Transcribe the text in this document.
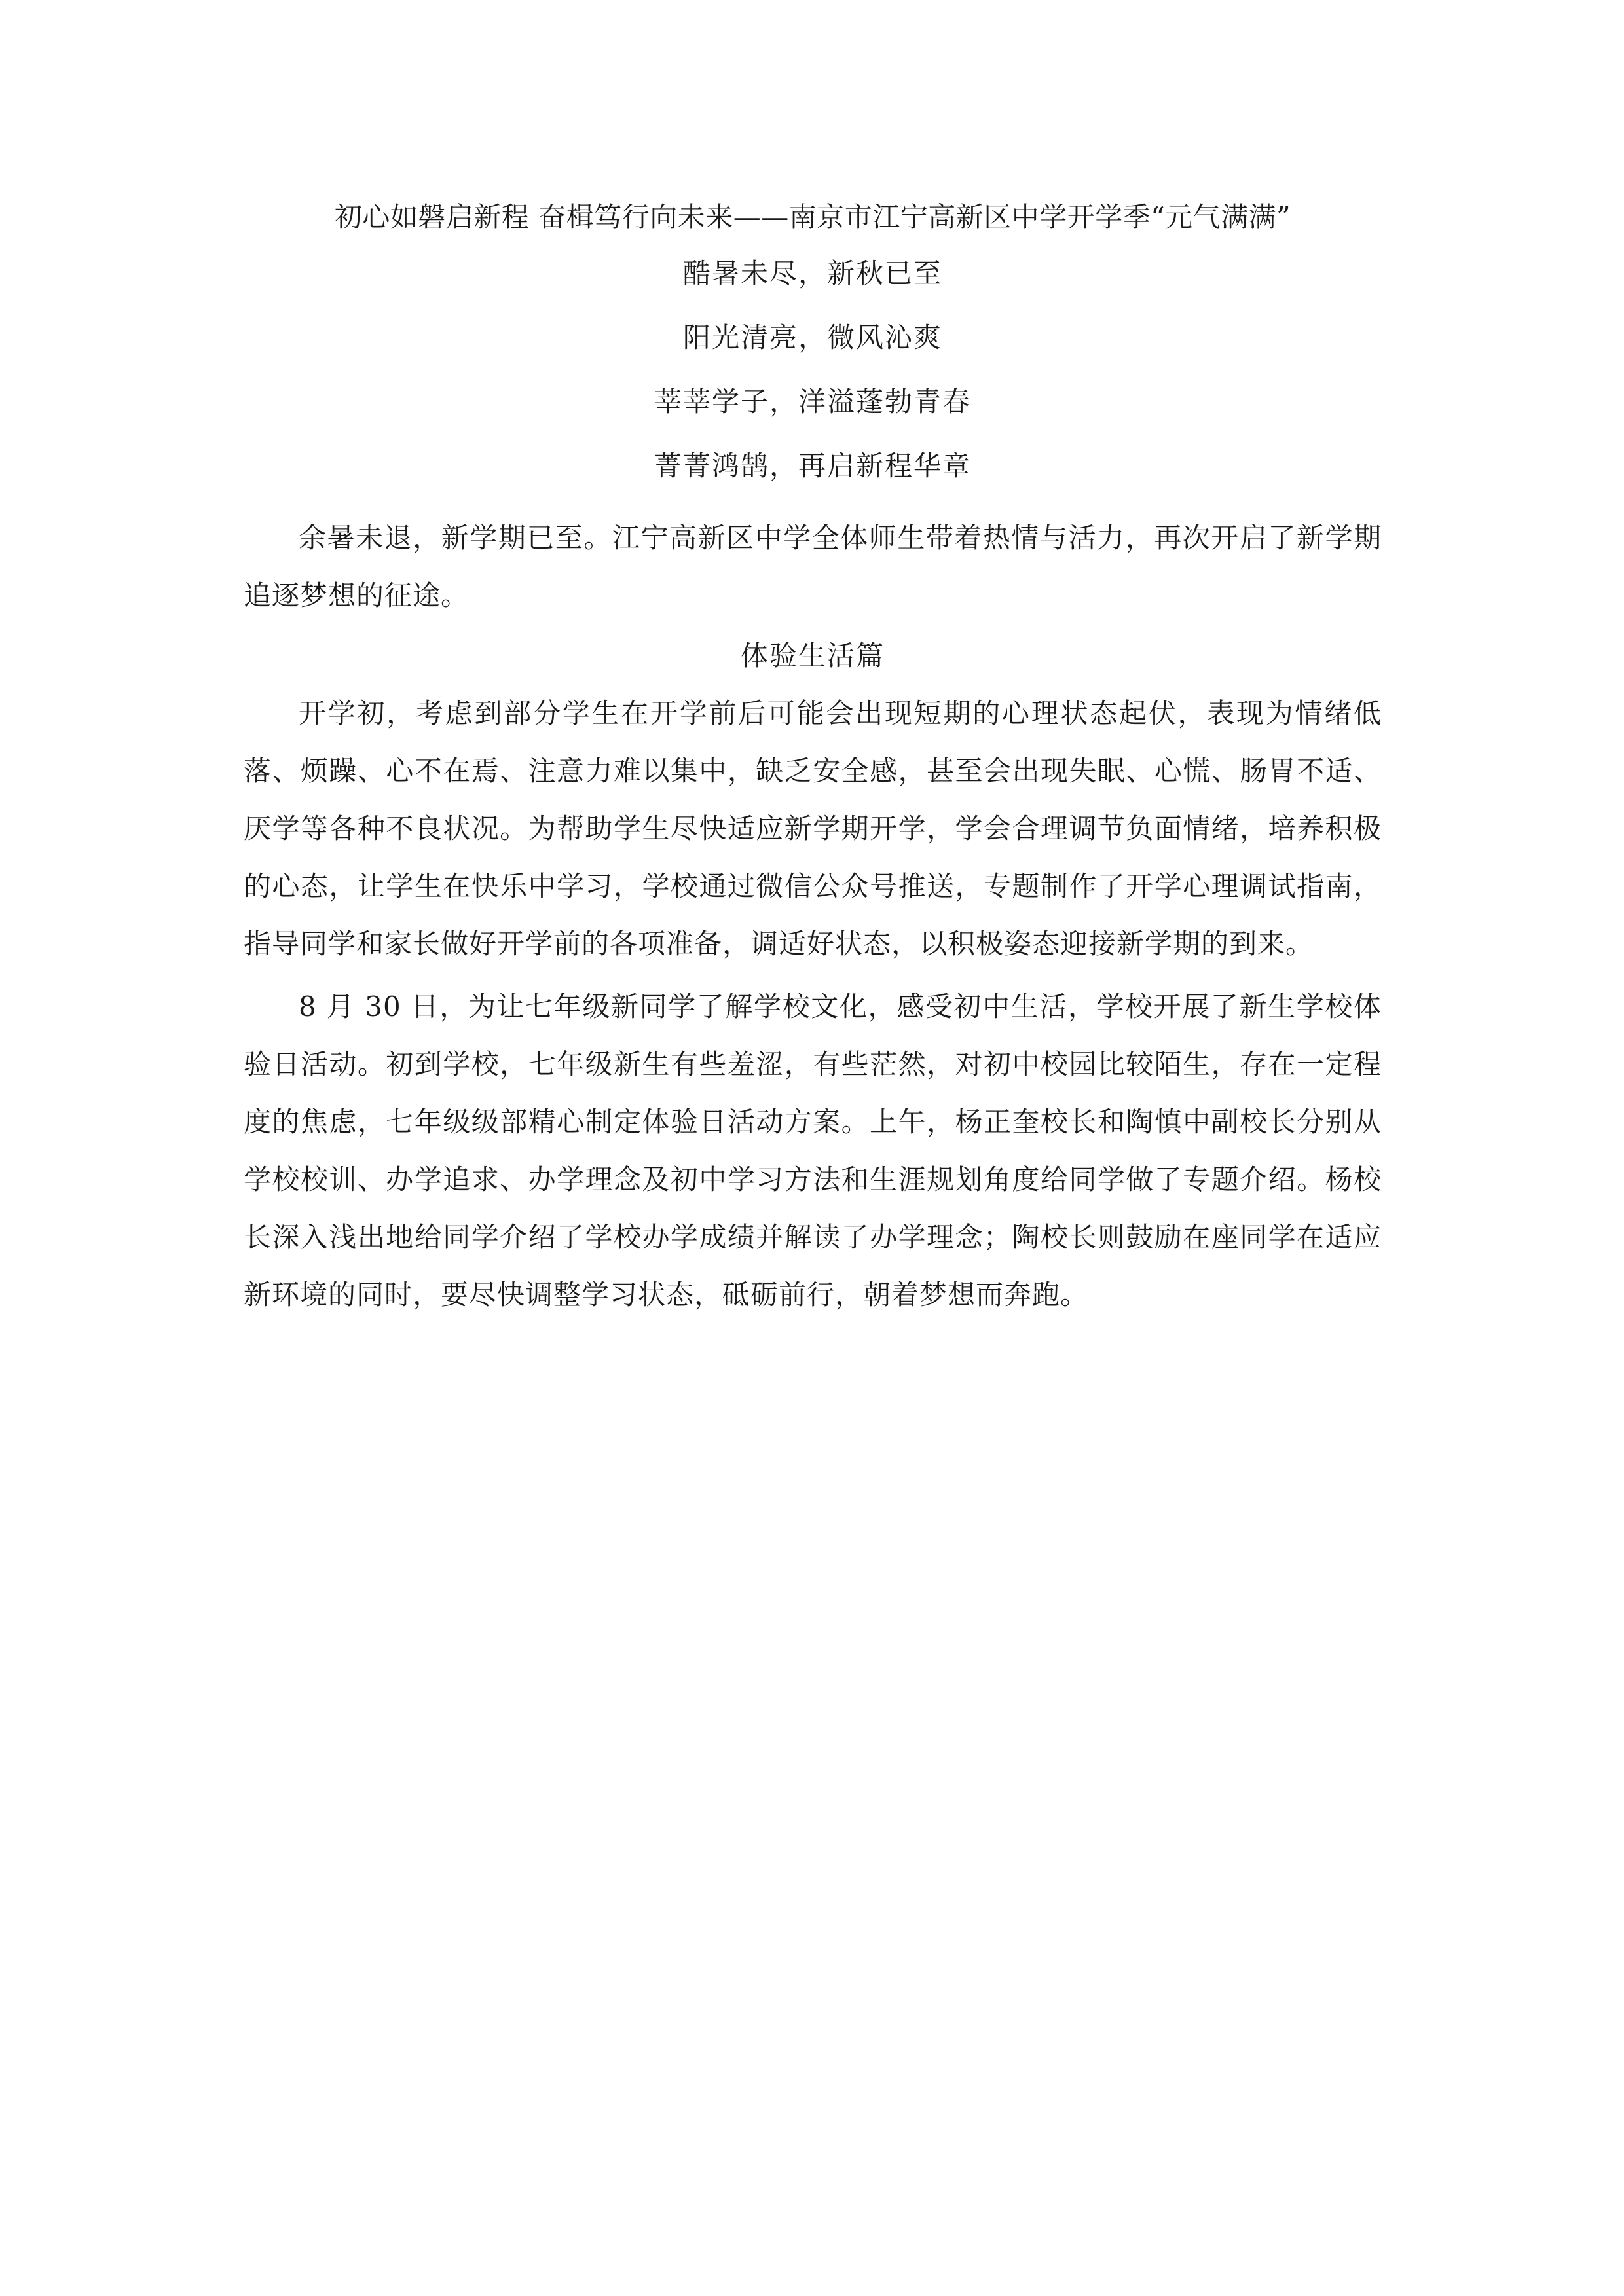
初心如磐启新程 奋楫笃行向未来——南京市江宁高新区中学开学季“元气满满”
酷暑未尽，新秋已至
阳光清亮，微风沁爽
莘莘学子，洋溢蓬勃青春
菁菁鸿鹄，再启新程华章

余暑未退，新学期已至。江宁高新区中学全体师生带着热情与活力，再次开启了新学期追逐梦想的征途。

体验生活篇

开学初，考虑到部分学生在开学前后可能会出现短期的心理状态起伏，表现为情绪低落、烦躁、心不在焉、注意力难以集中，缺乏安全感，甚至会出现失眠、心慌、肠胃不适、厌学等各种不良状况。为帮助学生尽快适应新学期开学，学会合理调节负面情绪，培养积极的心态，让学生在快乐中学习，学校通过微信公众号推送，专题制作了开学心理调试指南，指导同学和家长做好开学前的各项准备，调适好状态，以积极姿态迎接新学期的到来。

8 月 30 日，为让七年级新同学了解学校文化，感受初中生活，学校开展了新生学校体验日活动。初到学校，七年级新生有些羞涩，有些茫然，对初中校园比较陌生，存在一定程度的焦虑，七年级级部精心制定体验日活动方案。上午，杨正奎校长和陶慎中副校长分别从学校校训、办学追求、办学理念及初中学习方法和生涯规划角度给同学做了专题介绍。杨校长深入浅出地给同学介绍了学校办学成绩并解读了办学理念；陶校长则鼓励在座同学在适应新环境的同时，要尽快调整学习状态，砥砺前行，朝着梦想而奔跑。
